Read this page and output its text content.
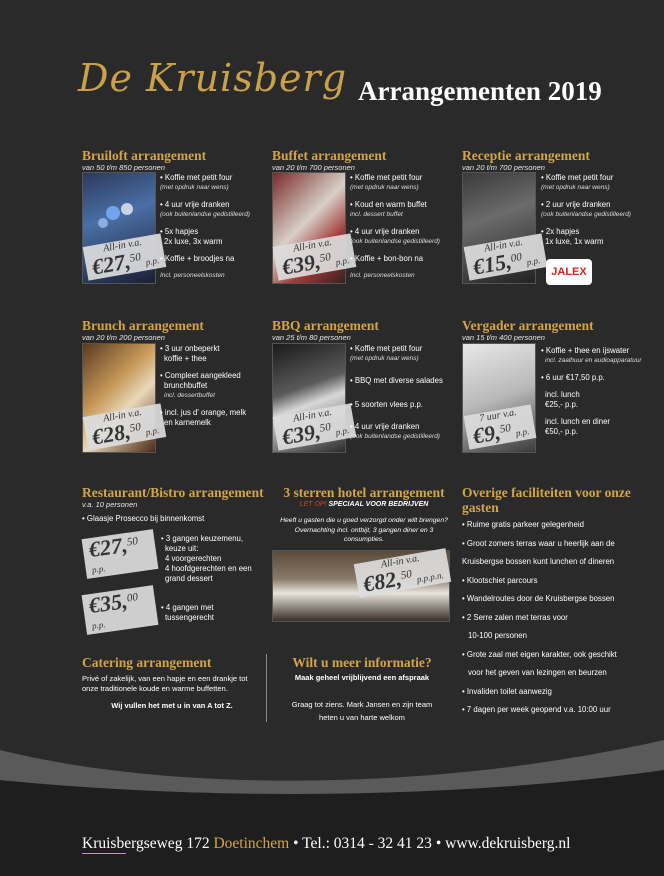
De Kruisberg Arrangementen 2019
Bruiloft arrangement
van 50 t/m 850 personen
All-in v.a.
€27,50 p.p.
• Koffie met petit four
(met opdruk naar wens)
• 4 uur vrije dranken
(ook buitenlandse gedistilleerd)
• 5x hapjes
2x luxe, 3x warm
• Koffie + broodjes na
Incl. personeelskosten
Buffet arrangement
van 20 t/m 700 personen
All-in v.a.
€39,50 p.p.
• Koffie met petit four
(met opdruk naar wens)
• Koud en warm buffet
incl. dessert buffet
• 4 uur vrije dranken
(ook buitenlandse gedistilleerd)
• Koffie + bon-bon na
Incl. personeelskosten
Receptie arrangement
van 20 t/m 700 personen
All-in v.a.
€15,00 p.p.
• Koffie met petit four
(met opdruk naar wens)
• 2 uur vrije dranken
(ook buitenlandse gedistilleerd)
• 2x hapjes
1x luxe, 1x warm
JALEX
Brunch arrangement
van 20 t/m 200 personen
All-in v.a.
€28,50 p.p.
• 3 uur onbeperkt
koffie + thee
• Compleet aangekleed
brunchbuffet
incl. dessertbuffet
• incl. jus d' orange, melk
en karnemelk
BBQ arrangement
van 25 t/m 80 personen
All-in v.a.
€39,50 p.p.
• Koffie met petit four
(met opdruk naar wens)
• BBQ met diverse salades
• 5 soorten vlees p.p.
• 4 uur vrije dranken
(ook buitenlandse gedistilleerd)
Vergader arrangement
van 15 t/m 400 personen
7 uur v.a.
€9,50 p.p.
• Koffie + thee en ijswater
incl. zaalhuur en audioapparatuur
• 6 uur €17,50 p.p.
incl. lunch
€25,- p.p.
incl. lunch en diner
€50,- p.p.
Restaurant/Bistro arrangement
v.a. 10 personen
• Glaasje Prosecco bij binnenkomst
€27,50 p.p.
• 3 gangen keuzemenu,
keuze uit:
4 voorgerechten
4 hoofdgerechten en een
grand dessert
€35,00 p.p.
• 4 gangen met
tussengerecht
3 sterren hotel arrangement
LET OP! SPECIAAL VOOR BEDRIJVEN
Heeft u gasten die u goed verzorgd onder wilt brengen? Overnachting incl. ontbijt, 3 gangen diner en 3 consumpties.
All-in v.a.
€82,50 p.p.p.n.
Overige faciliteiten voor onze gasten
• Ruime gratis parkeer gelegenheid
• Groot zomers terras waar u heerlijk aan de
Kruisbergse bossen kunt lunchen of dineren
• Klootschiet parcours
• Wandelroutes door de Kruisbergse bossen
• 2 Serre zalen met terras voor
10-100 personen
• Grote zaal met eigen karakter, ook geschikt
voor het geven van lezingen en beurzen
• Invaliden toilet aanwezig
• 7 dagen per week geopend v.a. 10:00 uur
Catering arrangement
Privé of zakelijk, van een hapje en een drankje tot onze traditionele koude en warme buffetten.
Wij vullen het met u in van A tot Z.
Wilt u meer informatie?
Maak geheel vrijblijvend een afspraak
Graag tot ziens. Mark Jansen en zijn team
heten u van harte welkom
Kruisbergseweg 172 Doetinchem • Tel.: 0314 - 32 41 23 • www.dekruisberg.nl
